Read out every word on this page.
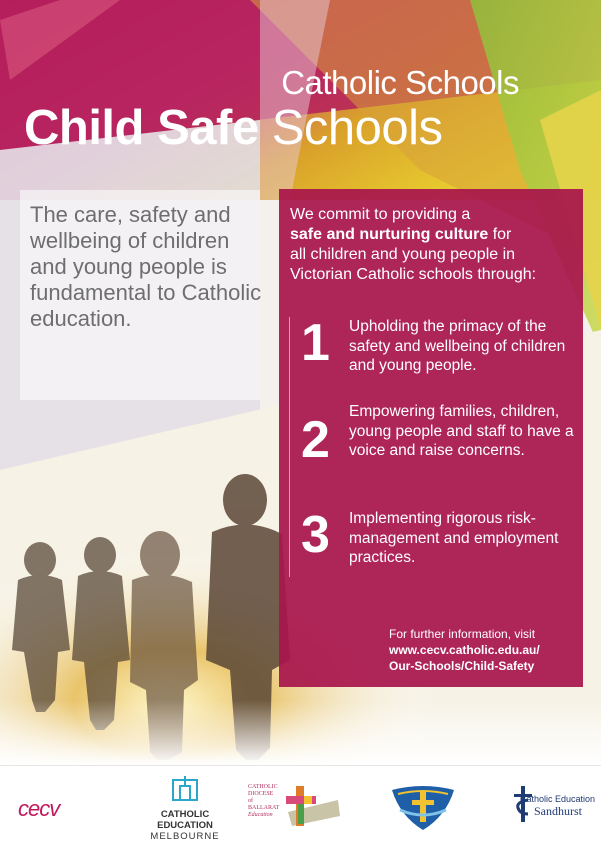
Catholic Schools
Child Safe Schools
The care, safety and wellbeing of children and young people is fundamental to Catholic education.
We commit to providing a
safe and nurturing culture for
all children and young people in
Victorian Catholic schools through:
1 Upholding the primacy of the safety and wellbeing of children and young people.
2 Empowering families, children, young people and staff to have a voice and raise concerns.
3 Implementing rigorous risk-management and employment practices.
For further information, visit
www.cecv.catholic.edu.au/
Our-Schools/Child-Safety
cecv	CATHOLIC
EDUCATION
MELBOURNE
CATHOLIC
DIOCESE
of
BALLARAT
Education
Catholic Education
Sandhurst
